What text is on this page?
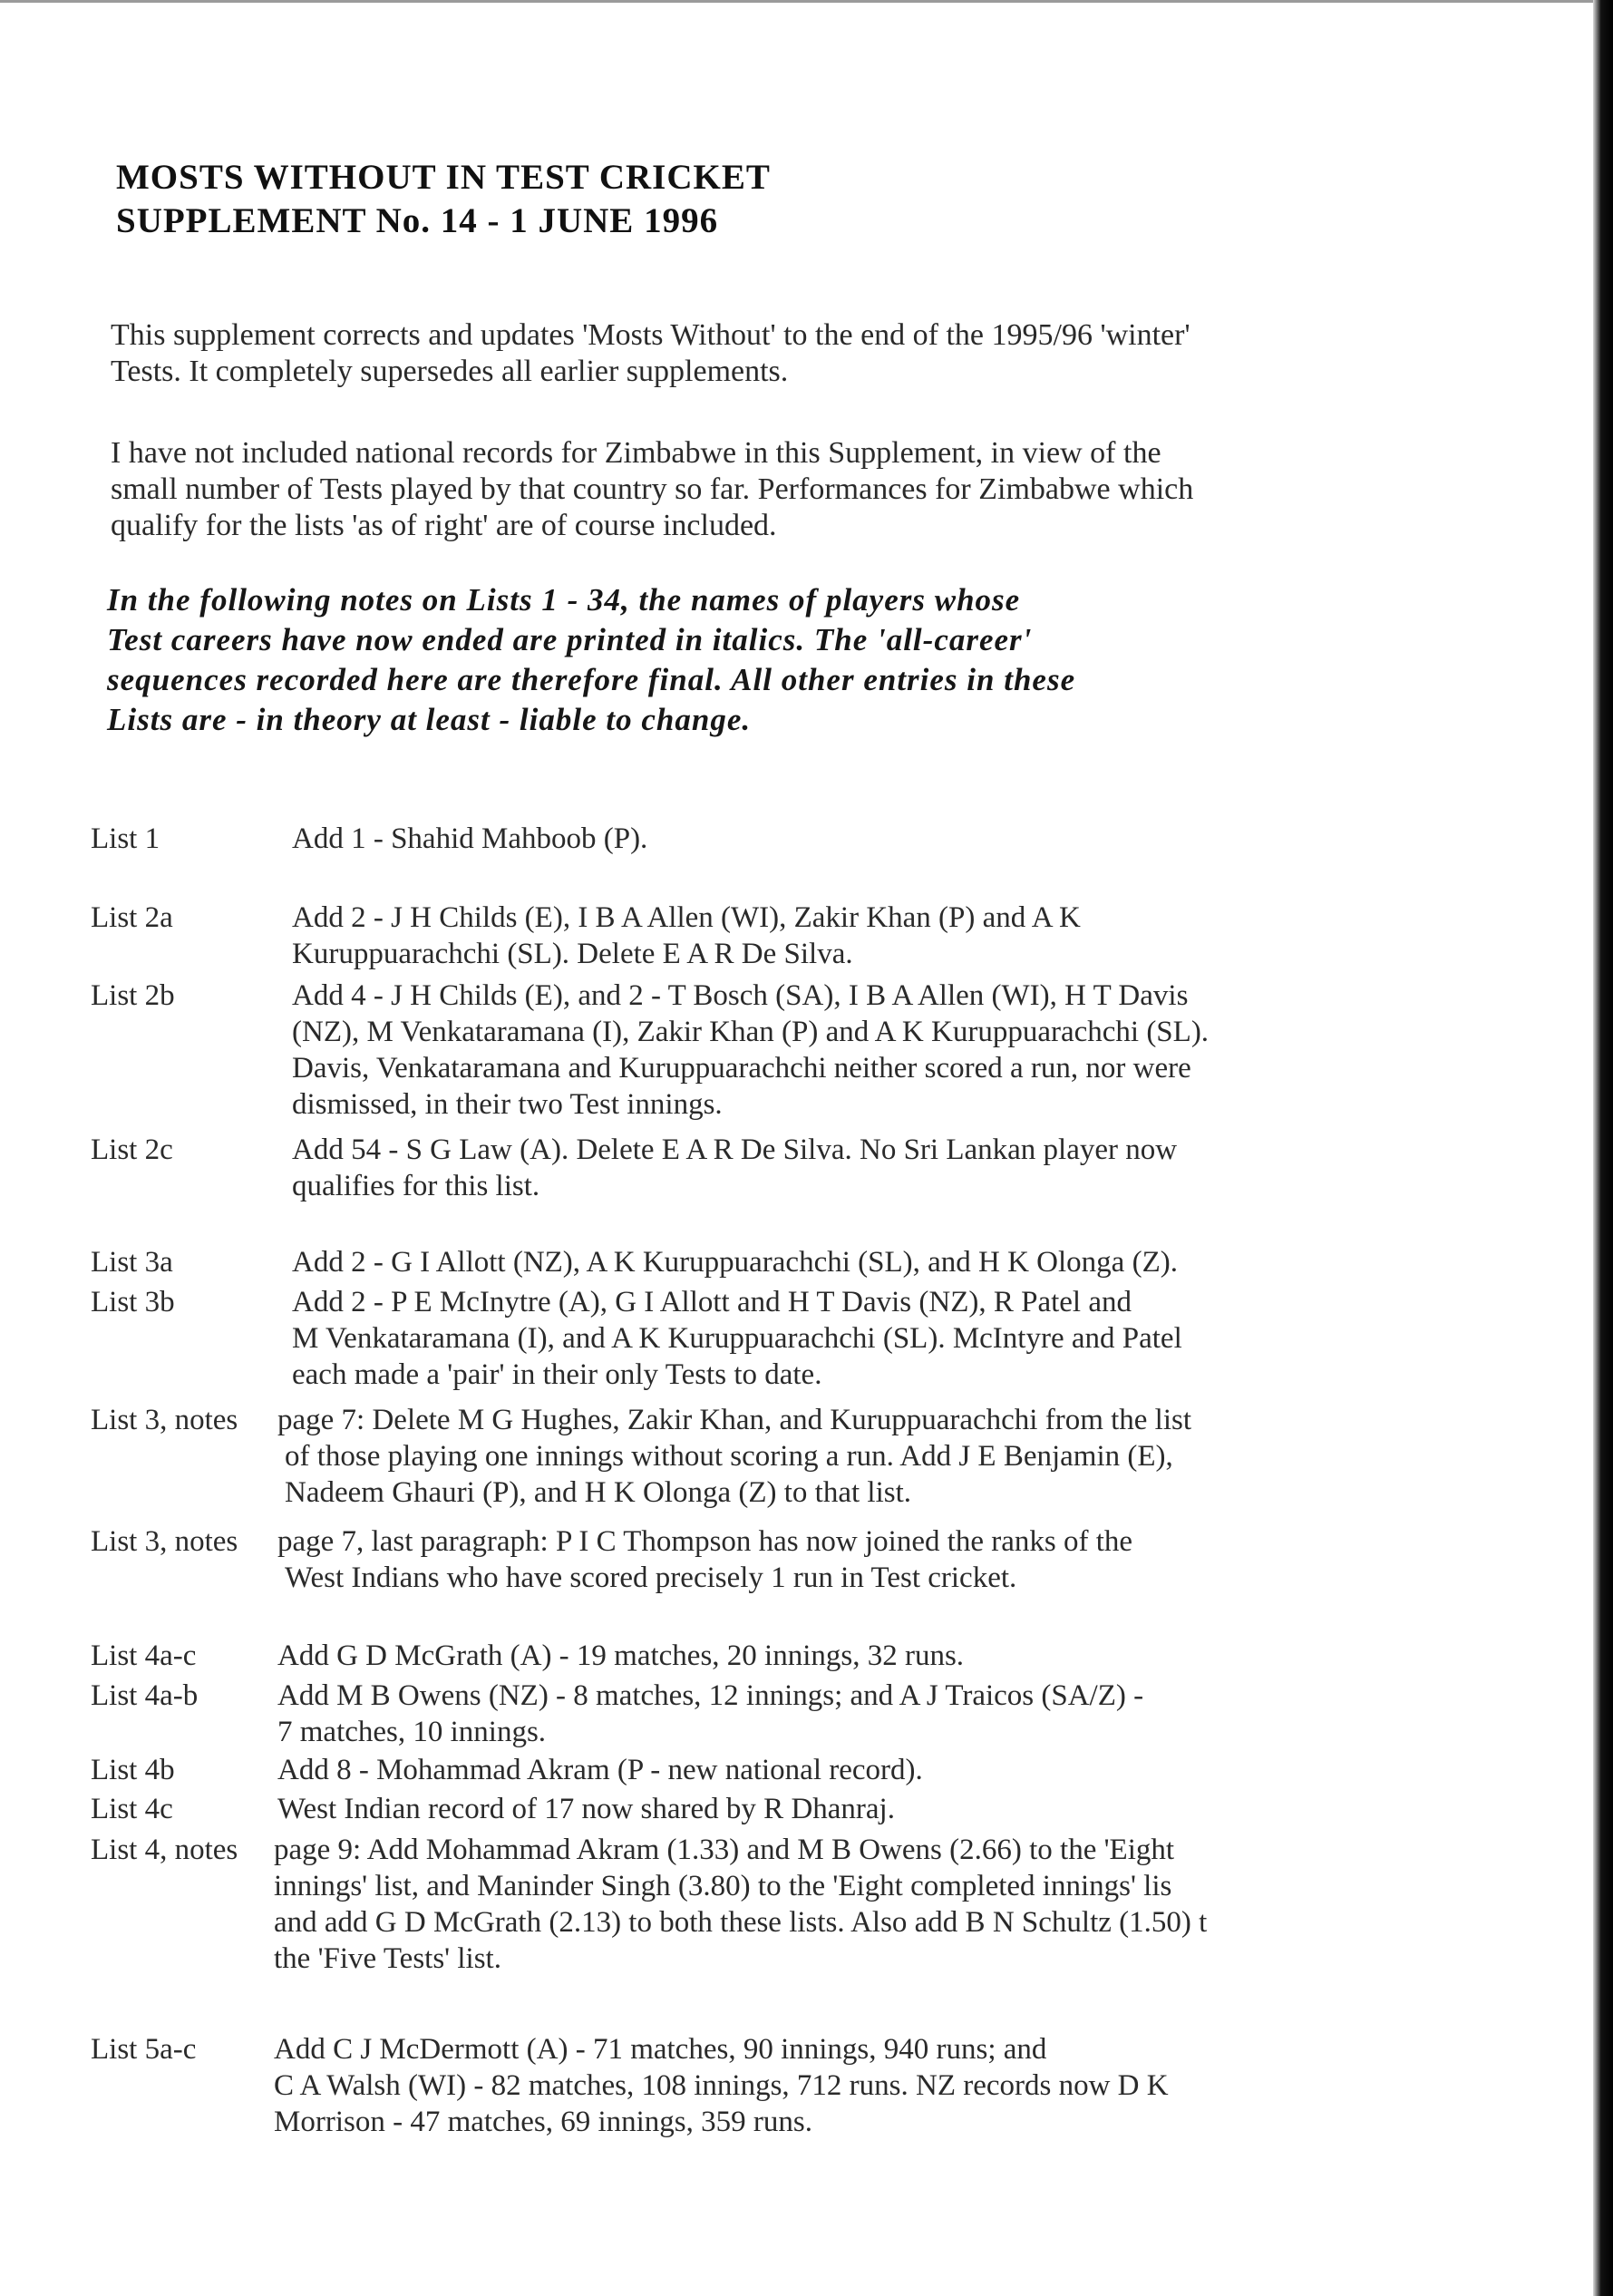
MOSTS WITHOUT IN TEST CRICKET
SUPPLEMENT No. 14 - 1 JUNE 1996
This supplement corrects and updates 'Mosts Without' to the end of the 1995/96 'winter'
Tests. It completely supersedes all earlier supplements.
I have not included national records for Zimbabwe in this Supplement, in view of the
small number of Tests played by that country so far. Performances for Zimbabwe which
qualify for the lists 'as of right' are of course included.
In the following notes on Lists 1 - 34, the names of players whose
Test careers have now ended are printed in italics. The 'all-career'
sequences recorded here are therefore final. All other entries in these
Lists are - in theory at least - liable to change.
List 1	Add 1 - Shahid Mahboob (P).
List 2a	Add 2 - J H Childs (E), I B A Allen (WI), Zakir Khan (P) and A K
Kuruppuarachchi (SL). Delete E A R De Silva.
List 2b	Add 4 - J H Childs (E), and 2 - T Bosch (SA), I B A Allen (WI), H T Davis
(NZ), M Venkataramana (I), Zakir Khan (P) and A K Kuruppuarachchi (SL).
Davis, Venkataramana and Kuruppuarachchi neither scored a run, nor were
dismissed, in their two Test innings.
List 2c	Add 54 - S G Law (A). Delete E A R De Silva. No Sri Lankan player now
qualifies for this list.
List 3a	Add 2 - G I Allott (NZ), A K Kuruppuarachchi (SL), and H K Olonga (Z).
List 3b	Add 2 - P E McInytre (A), G I Allott and H T Davis (NZ), R Patel and
M Venkataramana (I), and A K Kuruppuarachchi (SL). McIntyre and Patel
each made a 'pair' in their only Tests to date.
List 3, notes	page 7: Delete M G Hughes, Zakir Khan, and Kuruppuarachchi from the list
of those playing one innings without scoring a run. Add J E Benjamin (E),
Nadeem Ghauri (P), and H K Olonga (Z) to that list.
List 3, notes	page 7, last paragraph: P I C Thompson has now joined the ranks of the
West Indians who have scored precisely 1 run in Test cricket.
List 4a-c	Add G D McGrath (A) - 19 matches, 20 innings, 32 runs.
List 4a-b	Add M B Owens (NZ) - 8 matches, 12 innings; and A J Traicos (SA/Z) -
7 matches, 10 innings.
List 4b	Add 8 - Mohammad Akram (P - new national record).
List 4c	West Indian record of 17 now shared by R Dhanraj.
List 4, notes	page 9: Add Mohammad Akram (1.33) and M B Owens (2.66) to the 'Eight
innings' list, and Maninder Singh (3.80) to the 'Eight completed innings' lis
and add G D McGrath (2.13) to both these lists. Also add B N Schultz (1.50) t
the 'Five Tests' list.
List 5a-c	Add C J McDermott (A) - 71 matches, 90 innings, 940 runs; and
C A Walsh (WI) - 82 matches, 108 innings, 712 runs. NZ records now D K
Morrison - 47 matches, 69 innings, 359 runs.
